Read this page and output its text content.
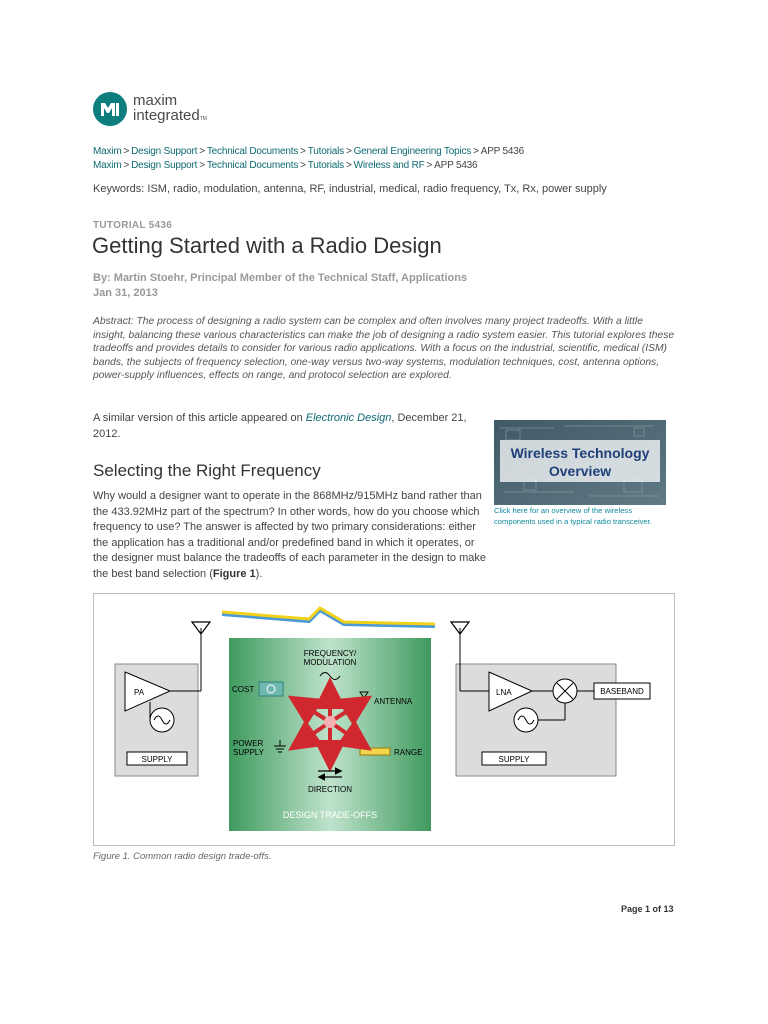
maxim
integratedTM
Maxim > Design Support > Technical Documents > Tutorials > General Engineering Topics > APP 5436
Maxim > Design Support > Technical Documents > Tutorials > Wireless and RF > APP 5436
Keywords: ISM, radio, modulation, antenna, RF, industrial, medical, radio frequency, Tx, Rx, power supply
TUTORIAL 5436
Getting Started with a Radio Design
By: Martin Stoehr, Principal Member of the Technical Staff, Applications
Jan 31, 2013
Abstract: The process of designing a radio system can be complex and often involves many project tradeoffs. With a little insight, balancing these various characteristics can make the job of designing a radio system easier. This tutorial explores these tradeoffs and provides details to consider for various radio applications. With a focus on the industrial, scientific, medical (ISM) bands, the subjects of frequency selection, one-way versus two-way systems, modulation techniques, cost, antenna options, power-supply influences, effects on range, and protocol selection are explored.
A similar version of this article appeared on Electronic Design, December 21, 2012.
Wireless Technology
Overview
Click here for an overview of the wireless components used in a typical radio transceiver.
Selecting the Right Frequency
Why would a designer want to operate in the 868MHz/915MHz band rather than the 433.92MHz part of the spectrum? In other words, how do you choose which frequency to use? The answer is affected by two primary considerations: either the application has a traditional and/or predefined band in which it operates, or the designer must balance the tradeoffs of each parameter in the design to make the best band selection (Figure 1).
PA
SUPPLY
FREQUENCY/
MODULATION
COST
ANTENNA
POWER
SUPPLY	RANGE
DIRECTION
DESIGN TRADE-OFFS
LNA	BASEBAND
SUPPLY
Figure 1. Common radio design trade-offs.
Page 1 of 13
